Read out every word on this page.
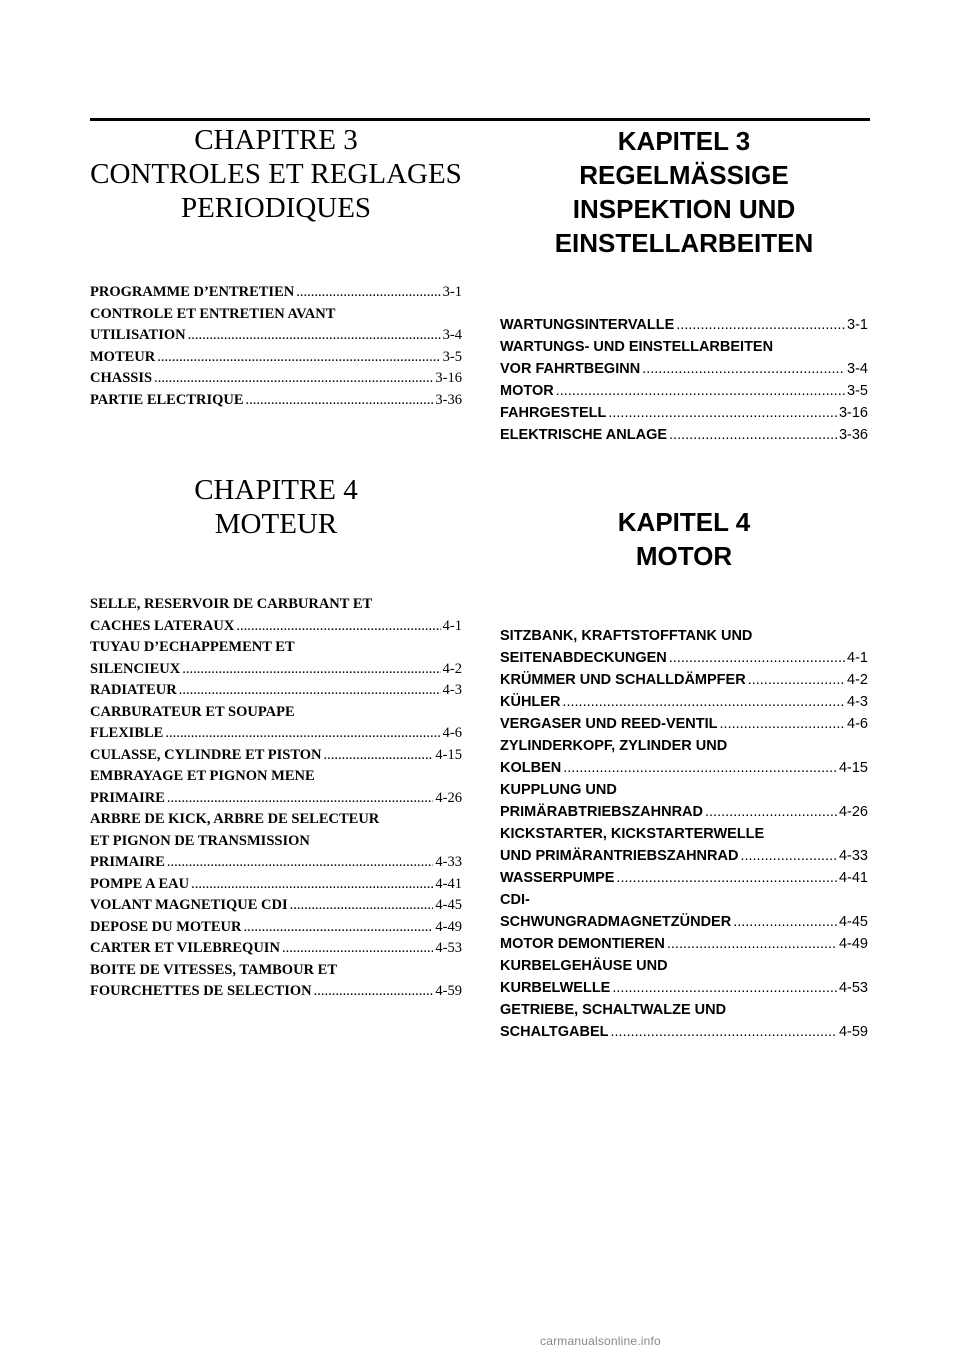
CHAPITRE 3
CONTROLES ET REGLAGES
PERIODIQUES
PROGRAMME D’ENTRETIEN .....	3-1
CONTROLE ET ENTRETIEN AVANT
UTILISATION .....	3-4
MOTEUR .....	3-5
CHASSIS .....	3-16
PARTIE ELECTRIQUE .....	3-36
CHAPITRE 4
MOTEUR
SELLE, RESERVOIR DE CARBURANT ET
CACHES LATERAUX .....	4-1
TUYAU D’ECHAPPEMENT ET
SILENCIEUX .....	4-2
RADIATEUR .....	4-3
CARBURATEUR ET SOUPAPE
FLEXIBLE .....	4-6
CULASSE, CYLINDRE ET PISTON .....	4-15
EMBRAYAGE ET PIGNON MENE
PRIMAIRE .....	4-26
ARBRE DE KICK, ARBRE DE SELECTEUR
ET PIGNON DE TRANSMISSION
PRIMAIRE .....	4-33
POMPE A EAU .....	4-41
VOLANT MAGNETIQUE CDI .....	4-45
DEPOSE DU MOTEUR .....	4-49
CARTER ET VILEBREQUIN .....	4-53
BOITE DE VITESSES, TAMBOUR ET
FOURCHETTES DE SELECTION .....	4-59
KAPITEL 3
REGELMÄSSIGE
INSPEKTION UND
EINSTELLARBEITEN
WARTUNGSINTERVALLE .....	3-1
WARTUNGS- UND EINSTELLARBEITEN
VOR FAHRTBEGINN .....	3-4
MOTOR .....	3-5
FAHRGESTELL .....	3-16
ELEKTRISCHE ANLAGE .....	3-36
KAPITEL 4
MOTOR
SITZBANK, KRAFTSTOFFTANK UND
SEITENABDECKUNGEN .....	4-1
KRÜMMER UND SCHALLDÄMPFER .....	4-2
KÜHLER .....	4-3
VERGASER UND REED-VENTIL .....	4-6
ZYLINDERKOPF, ZYLINDER UND
KOLBEN .....	4-15
KUPPLUNG UND
PRIMÄRABTRIEBSZAHNRAD .....	4-26
KICKSTARTER, KICKSTARTERWELLE
UND PRIMÄRANTRIEBSZAHNRAD .....	4-33
WASSERPUMPE .....	4-41
CDI-
SCHWUNGRADMAGNETZÜNDER .....	4-45
MOTOR DEMONTIEREN .....	4-49
KURBELGEHÄUSE UND
KURBELWELLE .....	4-53
GETRIEBE, SCHALTWALZE UND
SCHALTGABEL .....	4-59
carmanualsonline.info
